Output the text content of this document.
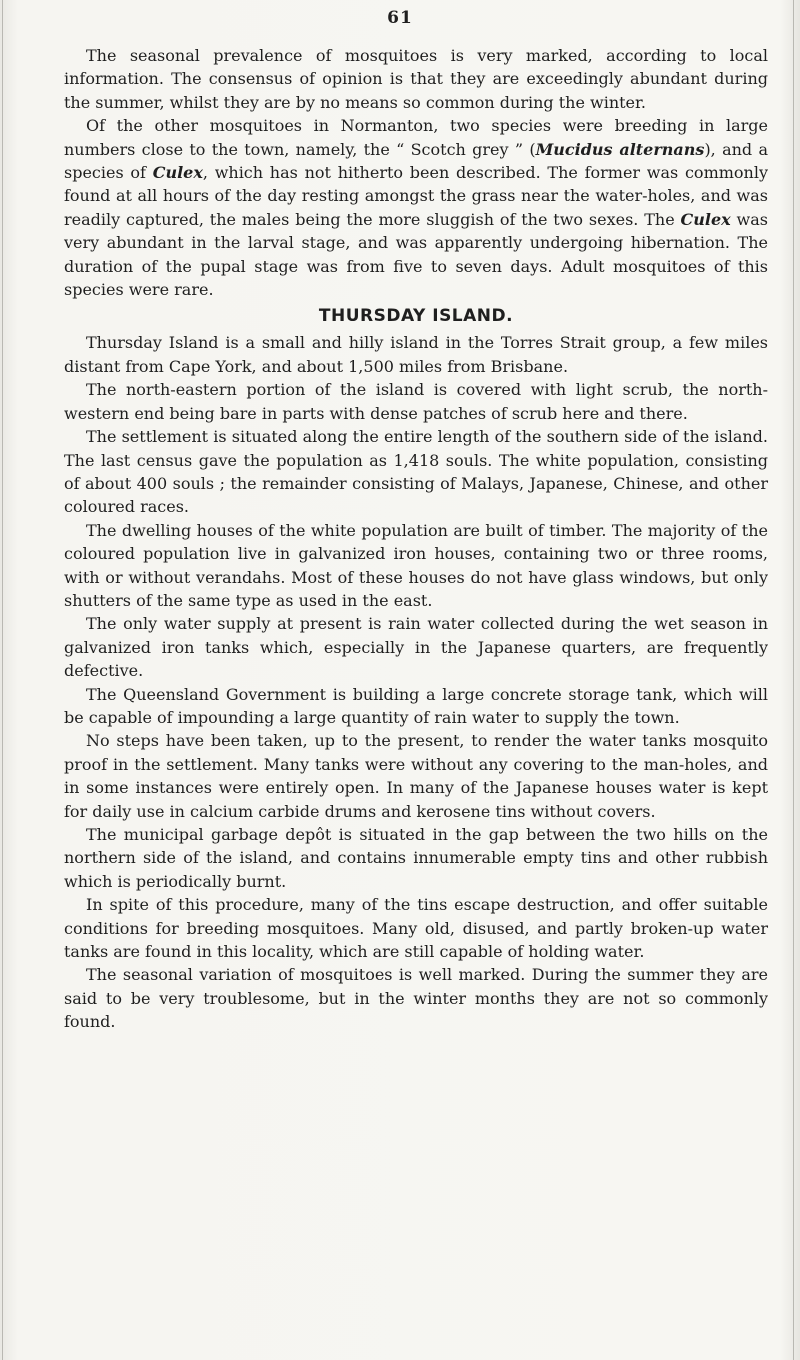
61

The seasonal prevalence of mosquitoes is very marked, according to local information. The consensus of opinion is that they are exceedingly abundant during the summer, whilst they are by no means so common during the winter.

Of the other mosquitoes in Normanton, two species were breeding in large numbers close to the town, namely, the “ Scotch grey ” (Mucidus alternans), and a species of Culex, which has not hitherto been described. The former was commonly found at all hours of the day resting amongst the grass near the water-holes, and was readily captured, the males being the more sluggish of the two sexes. The Culex was very abundant in the larval stage, and was apparently undergoing hibernation. The duration of the pupal stage was from five to seven days. Adult mosquitoes of this species were rare.

THURSDAY ISLAND.

Thursday Island is a small and hilly island in the Torres Strait group, a few miles distant from Cape York, and about 1,500 miles from Brisbane.

The north-eastern portion of the island is covered with light scrub, the north-western end being bare in parts with dense patches of scrub here and there.

The settlement is situated along the entire length of the southern side of the island. The last census gave the population as 1,418 souls. The white population, consisting of about 400 souls ; the remainder consisting of Malays, Japanese, Chinese, and other coloured races.

The dwelling houses of the white population are built of timber. The majority of the coloured population live in galvanized iron houses, containing two or three rooms, with or without verandahs. Most of these houses do not have glass windows, but only shutters of the same type as used in the east.

The only water supply at present is rain water collected during the wet season in galvanized iron tanks which, especially in the Japanese quarters, are frequently defective.

The Queensland Government is building a large concrete storage tank, which will be capable of impounding a large quantity of rain water to supply the town.

No steps have been taken, up to the present, to render the water tanks mosquito proof in the settlement. Many tanks were without any covering to the man-holes, and in some instances were entirely open. In many of the Japanese houses water is kept for daily use in calcium carbide drums and kerosene tins without covers.

The municipal garbage depôt is situated in the gap between the two hills on the northern side of the island, and contains innumerable empty tins and other rubbish which is periodically burnt.

In spite of this procedure, many of the tins escape destruction, and offer suitable conditions for breeding mosquitoes. Many old, disused, and partly broken-up water tanks are found in this locality, which are still capable of holding water.

The seasonal variation of mosquitoes is well marked. During the summer they are said to be very troublesome, but in the winter months they are not so commonly found.
